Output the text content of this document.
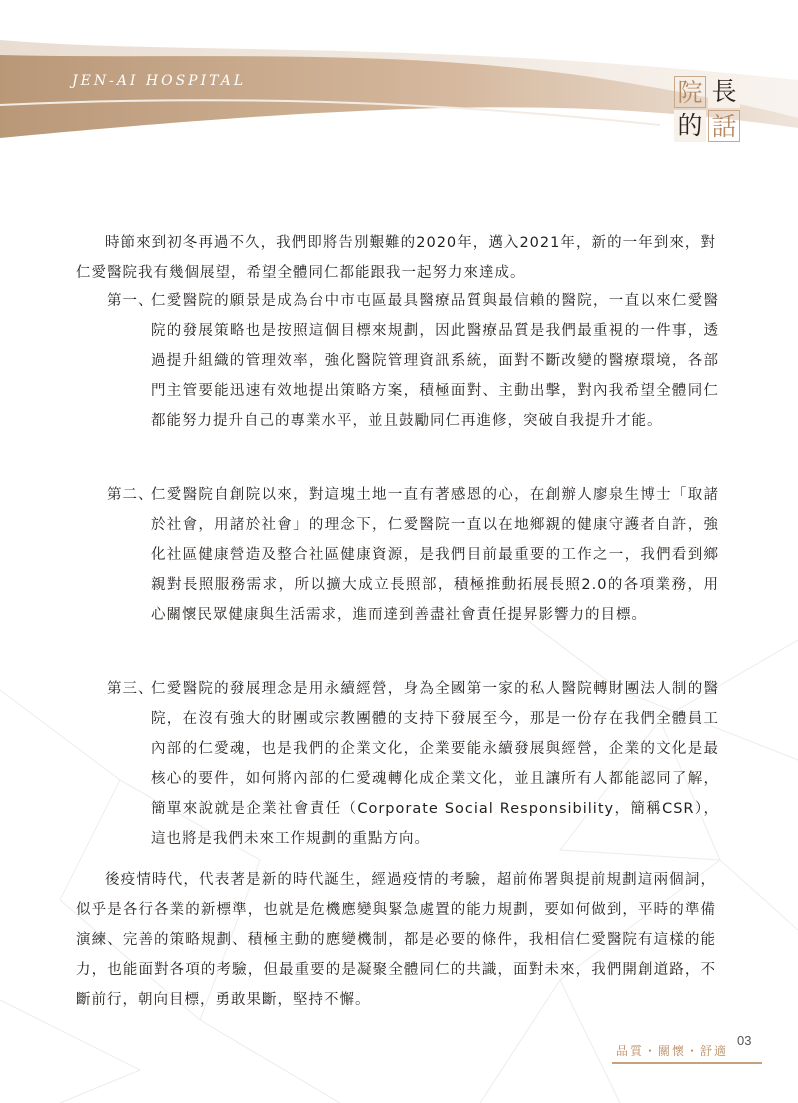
JEN-AI HOSPITAL	長
院
的 話

時節來到初冬再過不久，我們即將告別艱難的2020年，邁入2021年，新的一年到來，對仁愛醫院我有幾個展望，希望全體同仁都能跟我一起努力來達成。

第一、
仁愛醫院的願景是成為台中市屯區最具醫療品質與最信賴的醫院，一直以來仁愛醫院的發展策略也是按照這個目標來規劃，因此醫療品質是我們最重視的一件事，透過提升組織的管理效率，強化醫院管理資訊系統，面對不斷改變的醫療環境，各部門主管要能迅速有效地提出策略方案，積極面對、主動出擊，對內我希望全體同仁都能努力提升自己的專業水平，並且鼓勵同仁再進修，突破自我提升才能。
第二、
仁愛醫院自創院以來，對這塊土地一直有著感恩的心，在創辦人廖泉生博士「取諸於社會，用諸於社會」的理念下，仁愛醫院一直以在地鄉親的健康守護者自許，強化社區健康營造及整合社區健康資源，是我們目前最重要的工作之一，我們看到鄉親對長照服務需求，所以擴大成立長照部，積極推動拓展長照2.0的各項業務，用心關懷民眾健康與生活需求，進而達到善盡社會責任提昇影響力的目標。
第三、
仁愛醫院的發展理念是用永續經營，身為全國第一家的私人醫院轉財團法人制的醫院，在沒有強大的財團或宗教團體的支持下發展至今，那是一份存在我們全體員工內部的仁愛魂，也是我們的企業文化，企業要能永續發展與經營，企業的文化是最核心的要件，如何將內部的仁愛魂轉化成企業文化，並且讓所有人都能認同了解，簡單來說就是企業社會責任（Corporate Social Responsibility，簡稱CSR），這也將是我們未來工作規劃的重點方向。

後疫情時代，代表著是新的時代誕生，經過疫情的考驗，超前佈署與提前規劃這兩個詞，似乎是各行各業的新標準，也就是危機應變與緊急處置的能力規劃，要如何做到，平時的準備演練、完善的策略規劃、積極主動的應變機制，都是必要的條件，我相信仁愛醫院有這樣的能力，也能面對各項的考驗，但最重要的是凝聚全體同仁的共識，面對未來，我們開創道路，不斷前行，朝向目標，勇敢果斷，堅持不懈。

品質・關懷・舒適
03
